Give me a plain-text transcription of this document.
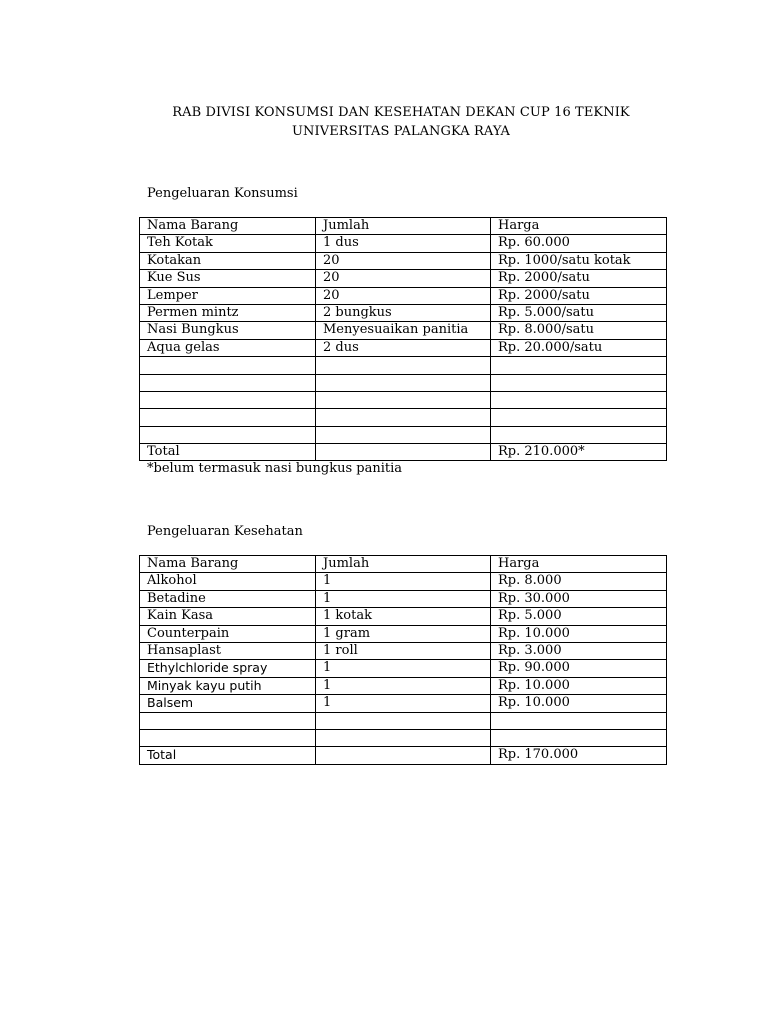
RAB DIVISI KONSUMSI DAN KESEHATAN DEKAN CUP 16 TEKNIK
UNIVERSITAS PALANGKA RAYA
Pengeluaran Konsumsi
Nama Barang	Jumlah	Harga
Teh Kotak	1 dus	Rp. 60.000
Kotakan	20	Rp. 1000/satu kotak
Kue Sus	20	Rp. 2000/satu
Lemper	20	Rp. 2000/satu
Permen mintz	2 bungkus	Rp. 5.000/satu
Nasi Bungkus	Menyesuaikan panitia	Rp. 8.000/satu
Aqua gelas	2 dus	Rp. 20.000/satu

Total		Rp. 210.000*
*belum termasuk nasi bungkus panitia
Pengeluaran Kesehatan
Nama Barang	Jumlah	Harga
Alkohol	1	Rp. 8.000
Betadine	1	Rp. 30.000
Kain Kasa	1 kotak	Rp. 5.000
Counterpain	1 gram	Rp. 10.000
Hansaplast	1 roll	Rp. 3.000
Ethylchloride spray	1	Rp. 90.000
Minyak kayu putih	1	Rp. 10.000
Balsem	1	Rp. 10.000

Total		Rp. 170.000
